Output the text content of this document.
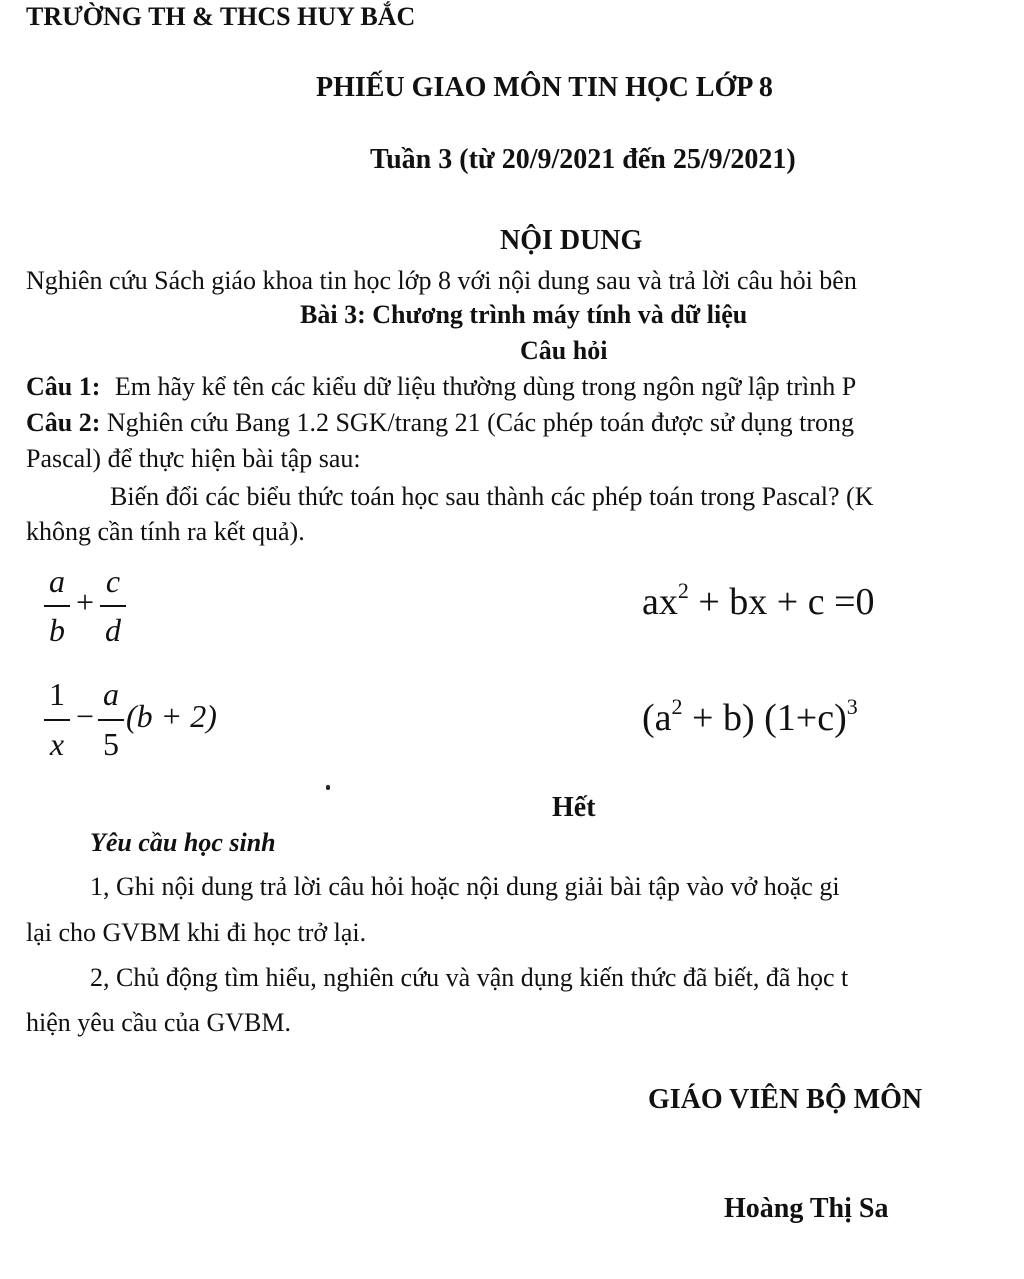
TRƯỜNG TH & THCS HUY BẮC
PHIẾU GIAO MÔN TIN HỌC LỚP 8
Tuần 3 (từ 20/9/2021 đến 25/9/2021)
NỘI DUNG
Nghiên cứu Sách giáo khoa tin học lớp 8 với nội dung sau và trả lời câu hỏi bên
Bài 3: Chương trình máy tính và dữ liệu
Câu hỏi
Câu 1: Em hãy kể tên các kiểu dữ liệu thường dùng trong ngôn ngữ lập trình P
Câu 2: Nghiên cứu Bang 1.2 SGK/trang 21 (Các phép toán được sử dụng trong
Pascal) để thực hiện bài tập sau:
Biến đổi các biểu thức toán học sau thành các phép toán trong Pascal? (K
không cần tính ra kết quả).
a
b
+
c
d
1
x
−
a
5
(b + 2)
$ax^2$ + bx + c =0
$(a^2 + b)$ $(1+c)^3$
Hết
Yêu cầu học sinh
1, Ghi nội dung trả lời câu hỏi hoặc nội dung giải bài tập vào vở hoặc gi
lại cho GVBM khi đi học trở lại.
2, Chủ động tìm hiểu, nghiên cứu và vận dụng kiến thức đã biết, đã học t
hiện yêu cầu của GVBM.
GIÁO VIÊN BỘ MÔN
Hoàng Thị Sa
